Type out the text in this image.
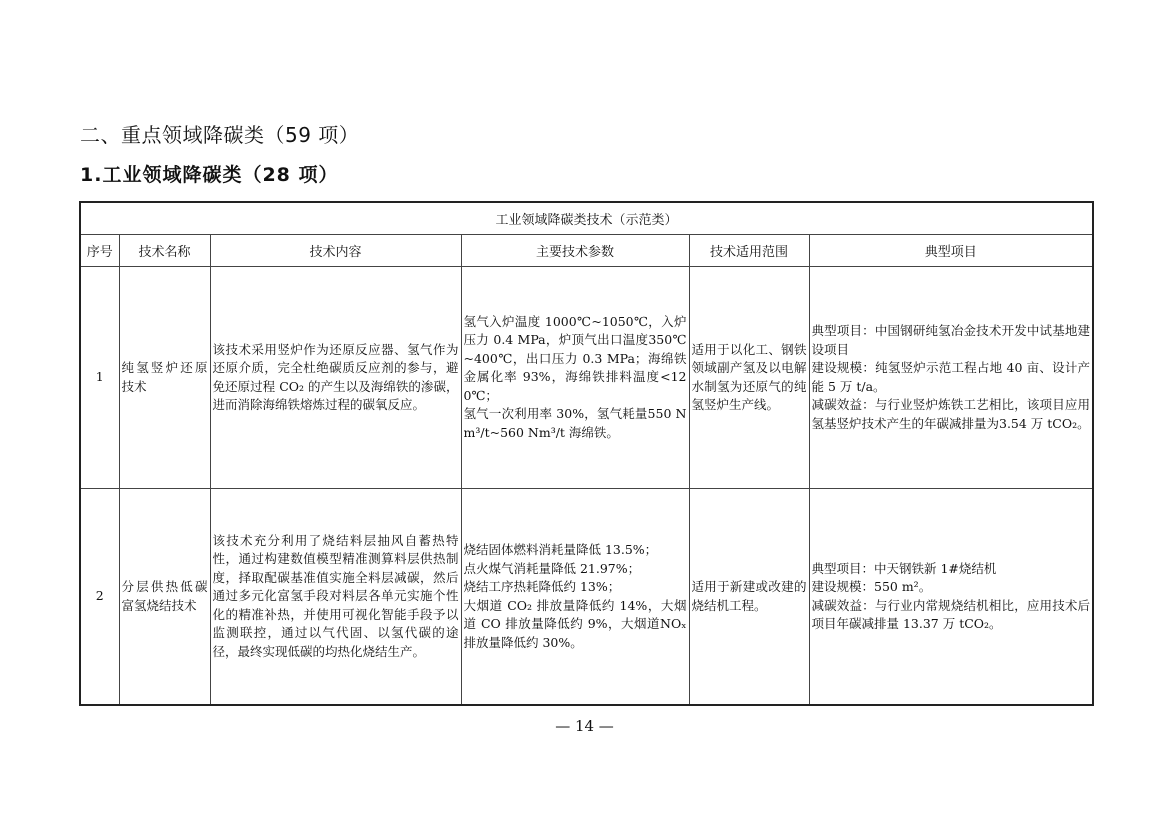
二、重点领域降碳类（59 项）
1.工业领域降碳类（28 项）
工业领域降碳类技术（示范类）					
序号	技术名称	技术内容	主要技术参数	技术适用范围	典型项目
1	纯氢竖炉还原技术	该技术采用竖炉作为还原反应器、氢气作为还原介质，完全杜绝碳质反应剂的参与，避免还原过程 CO₂ 的产生以及海绵铁的渗碳，进而消除海绵铁熔炼过程的碳氧反应。	氢气入炉温度 1000℃~1050℃，入炉压力 0.4 MPa，炉顶气出口温度350℃~400℃，出口压力 0.3 MPa；海绵铁金属化率 93%，海绵铁排料温度<120℃；
氢气一次利用率 30%，氢气耗量550 Nm³/t~560 Nm³/t 海绵铁。	适用于以化工、钢铁领域副产氢及以电解水制氢为还原气的纯氢竖炉生产线。	典型项目：中国钢研纯氢冶金技术开发中试基地建设项目
建设规模：纯氢竖炉示范工程占地 40 亩、设计产能 5 万 t/a。
减碳效益：与行业竖炉炼铁工艺相比，该项目应用氢基竖炉技术产生的年碳减排量为3.54 万 tCO₂。

2	分层供热低碳富氢烧结技术	该技术充分利用了烧结料层抽风自蓄热特性，通过构建数值模型精准测算料层供热制度，择取配碳基准值实施全料层减碳，然后通过多元化富氢手段对料层各单元实施个性化的精准补热，并使用可视化智能手段予以监测联控，通过以气代固、以氢代碳的途径，最终实现低碳的均热化烧结生产。	烧结固体燃料消耗量降低 13.5%；
点火煤气消耗量降低 21.97%；
烧结工序热耗降低约 13%；
大烟道 CO₂ 排放量降低约 14%，大烟道 CO 排放量降低约 9%，大烟道NOₓ排放量降低约 30%。	适用于新建或改建的烧结机工程。	典型项目：中天钢铁新 1#烧结机
建设规模：550 m²。
减碳效益：与行业内常规烧结机相比，应用技术后项目年碳减排量 13.37 万 tCO₂。
— 14 —
